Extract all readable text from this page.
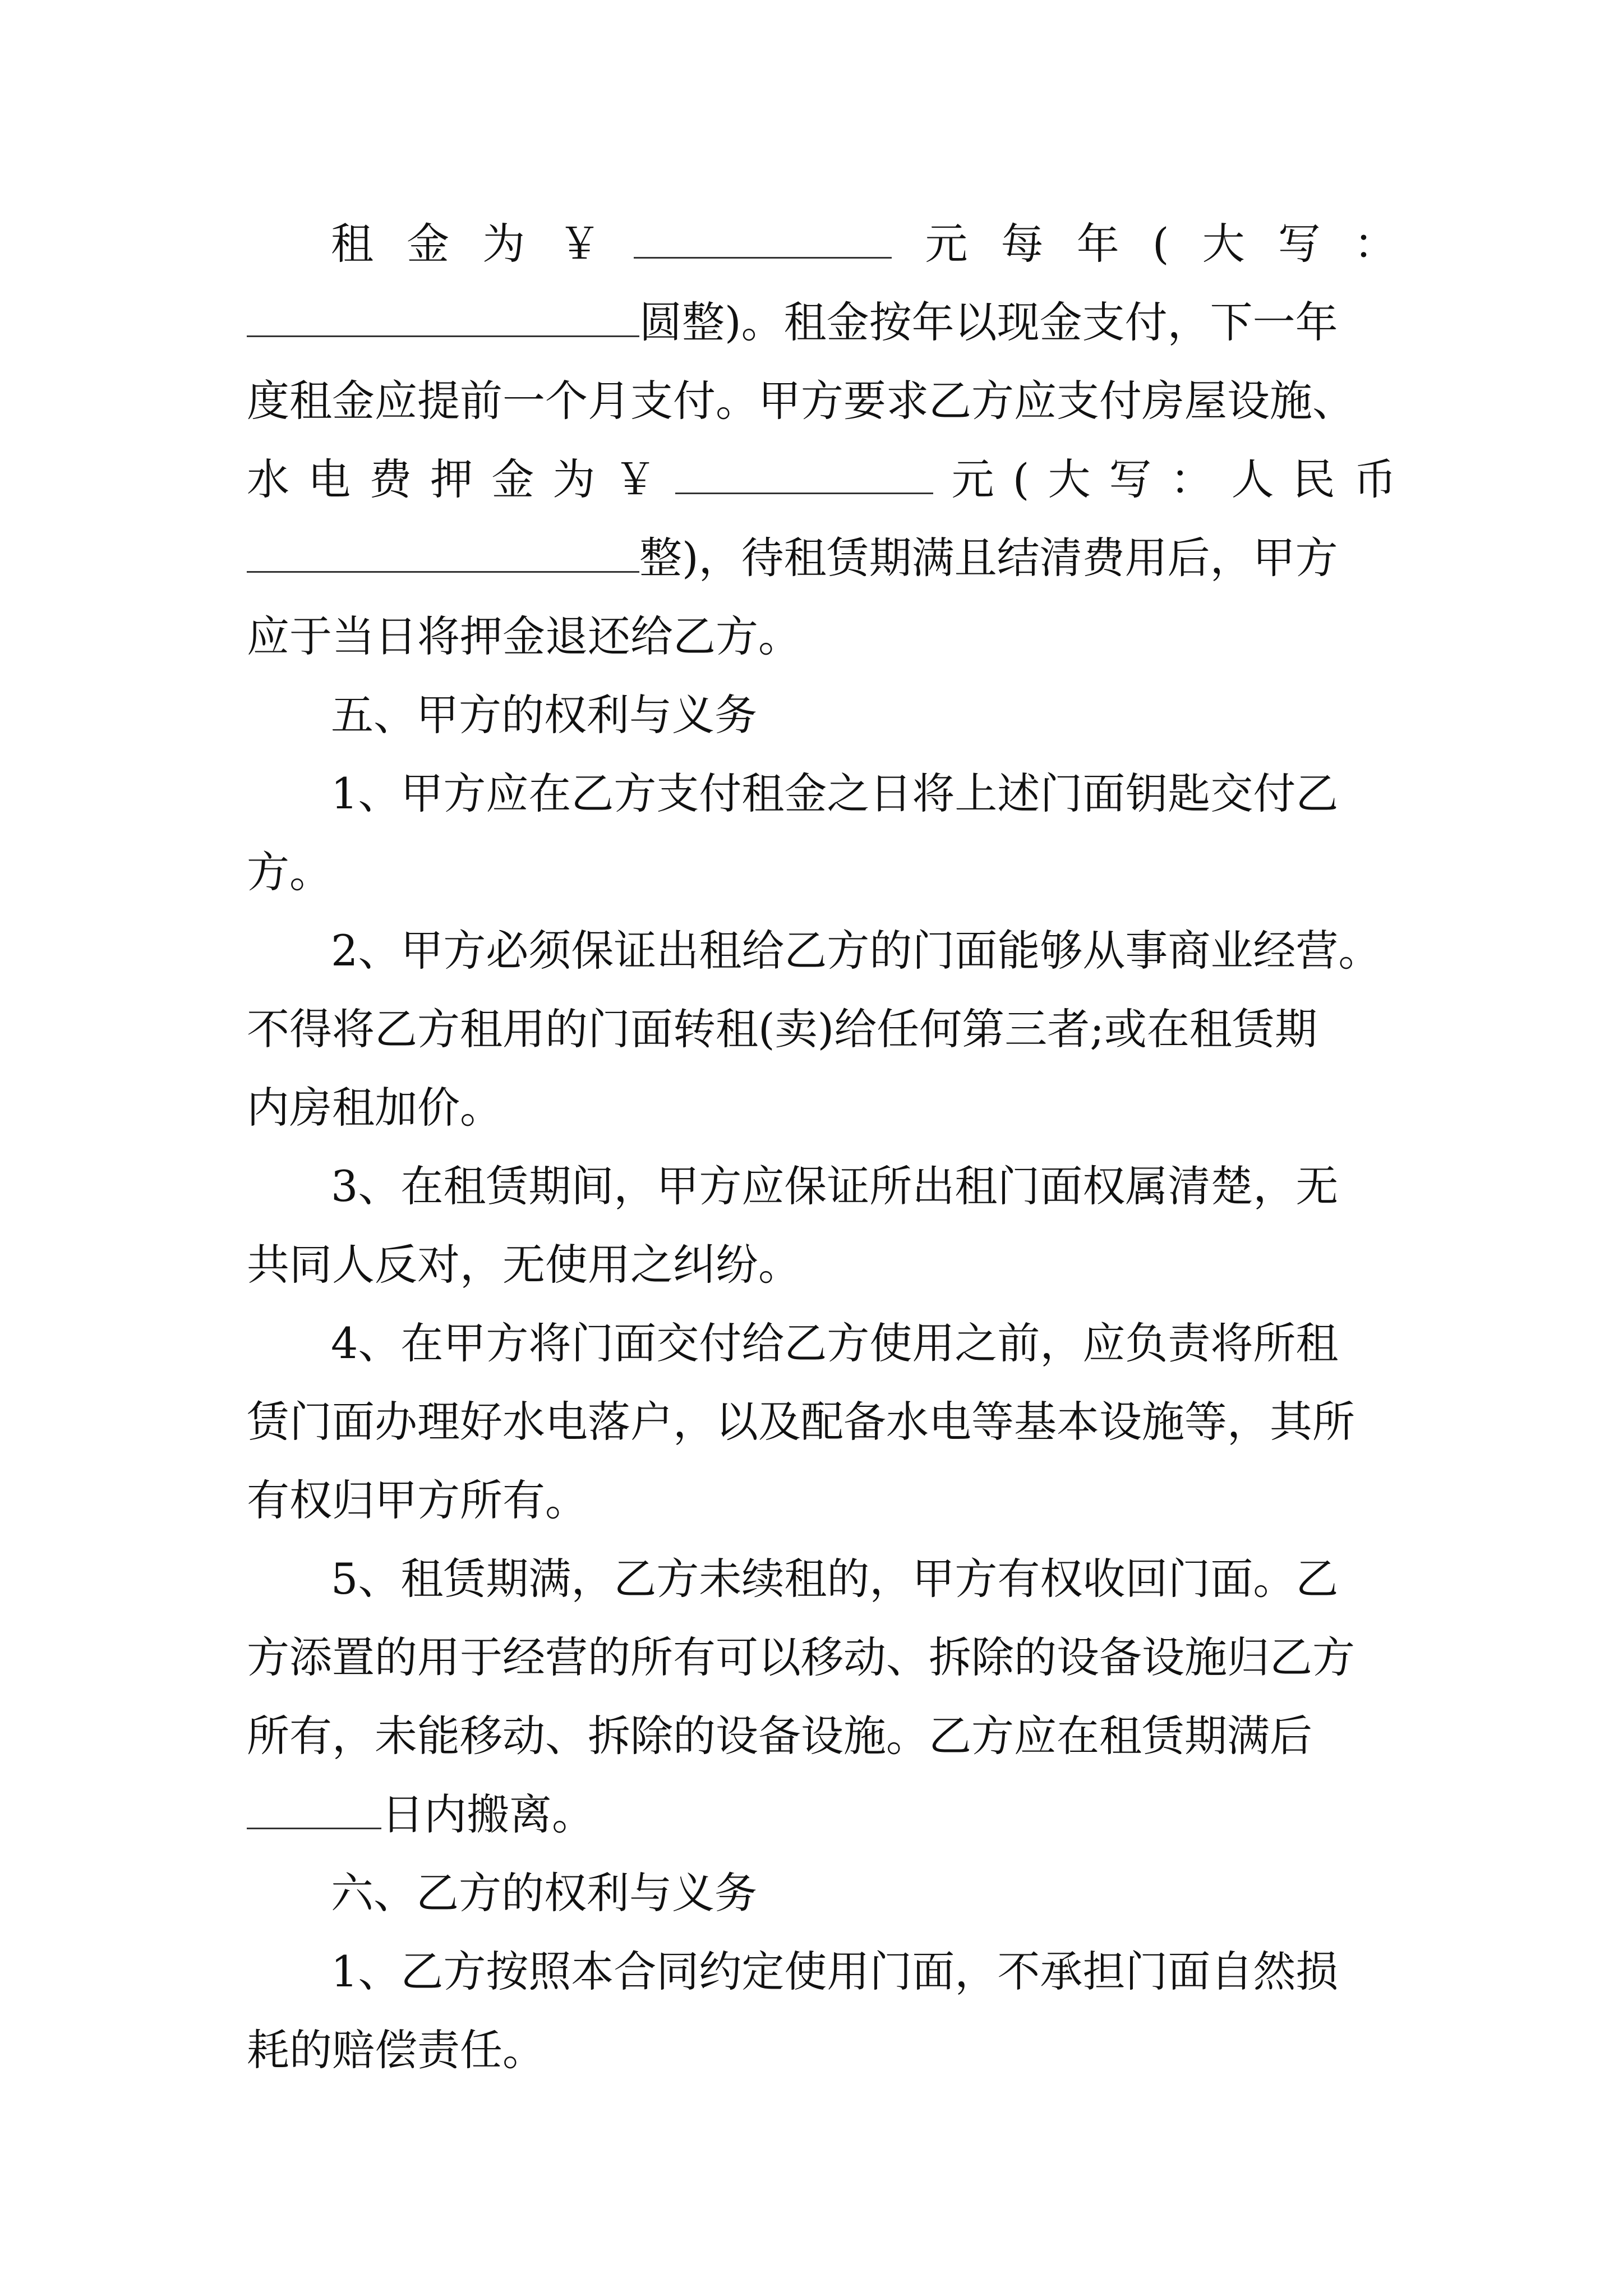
租 金 为 ￥	元 每 年 ( 大 写 ：
圆整)。租金按年以现金支付，下一年
度租金应提前一个月支付。甲方要求乙方应支付房屋设施、
水 电 费 押 金 为 ￥	元 ( 大 写 ： 人 民 币
整)，待租赁期满且结清费用后，甲方
应于当日将押金退还给乙方。
五、甲方的权利与义务
1、甲方应在乙方支付租金之日将上述门面钥匙交付乙
方。
2、甲方必须保证出租给乙方的门面能够从事商业经营。
不得将乙方租用的门面转租(卖)给任何第三者;或在租赁期
内房租加价。
3、在租赁期间，甲方应保证所出租门面权属清楚，无
共同人反对，无使用之纠纷。
4、在甲方将门面交付给乙方使用之前，应负责将所租
赁门面办理好水电落户，以及配备水电等基本设施等，其所
有权归甲方所有。
5、租赁期满，乙方未续租的，甲方有权收回门面。乙
方添置的用于经营的所有可以移动、拆除的设备设施归乙方
所有，未能移动、拆除的设备设施。乙方应在租赁期满后
日内搬离。
六、乙方的权利与义务
1、乙方按照本合同约定使用门面，不承担门面自然损
耗的赔偿责任。
